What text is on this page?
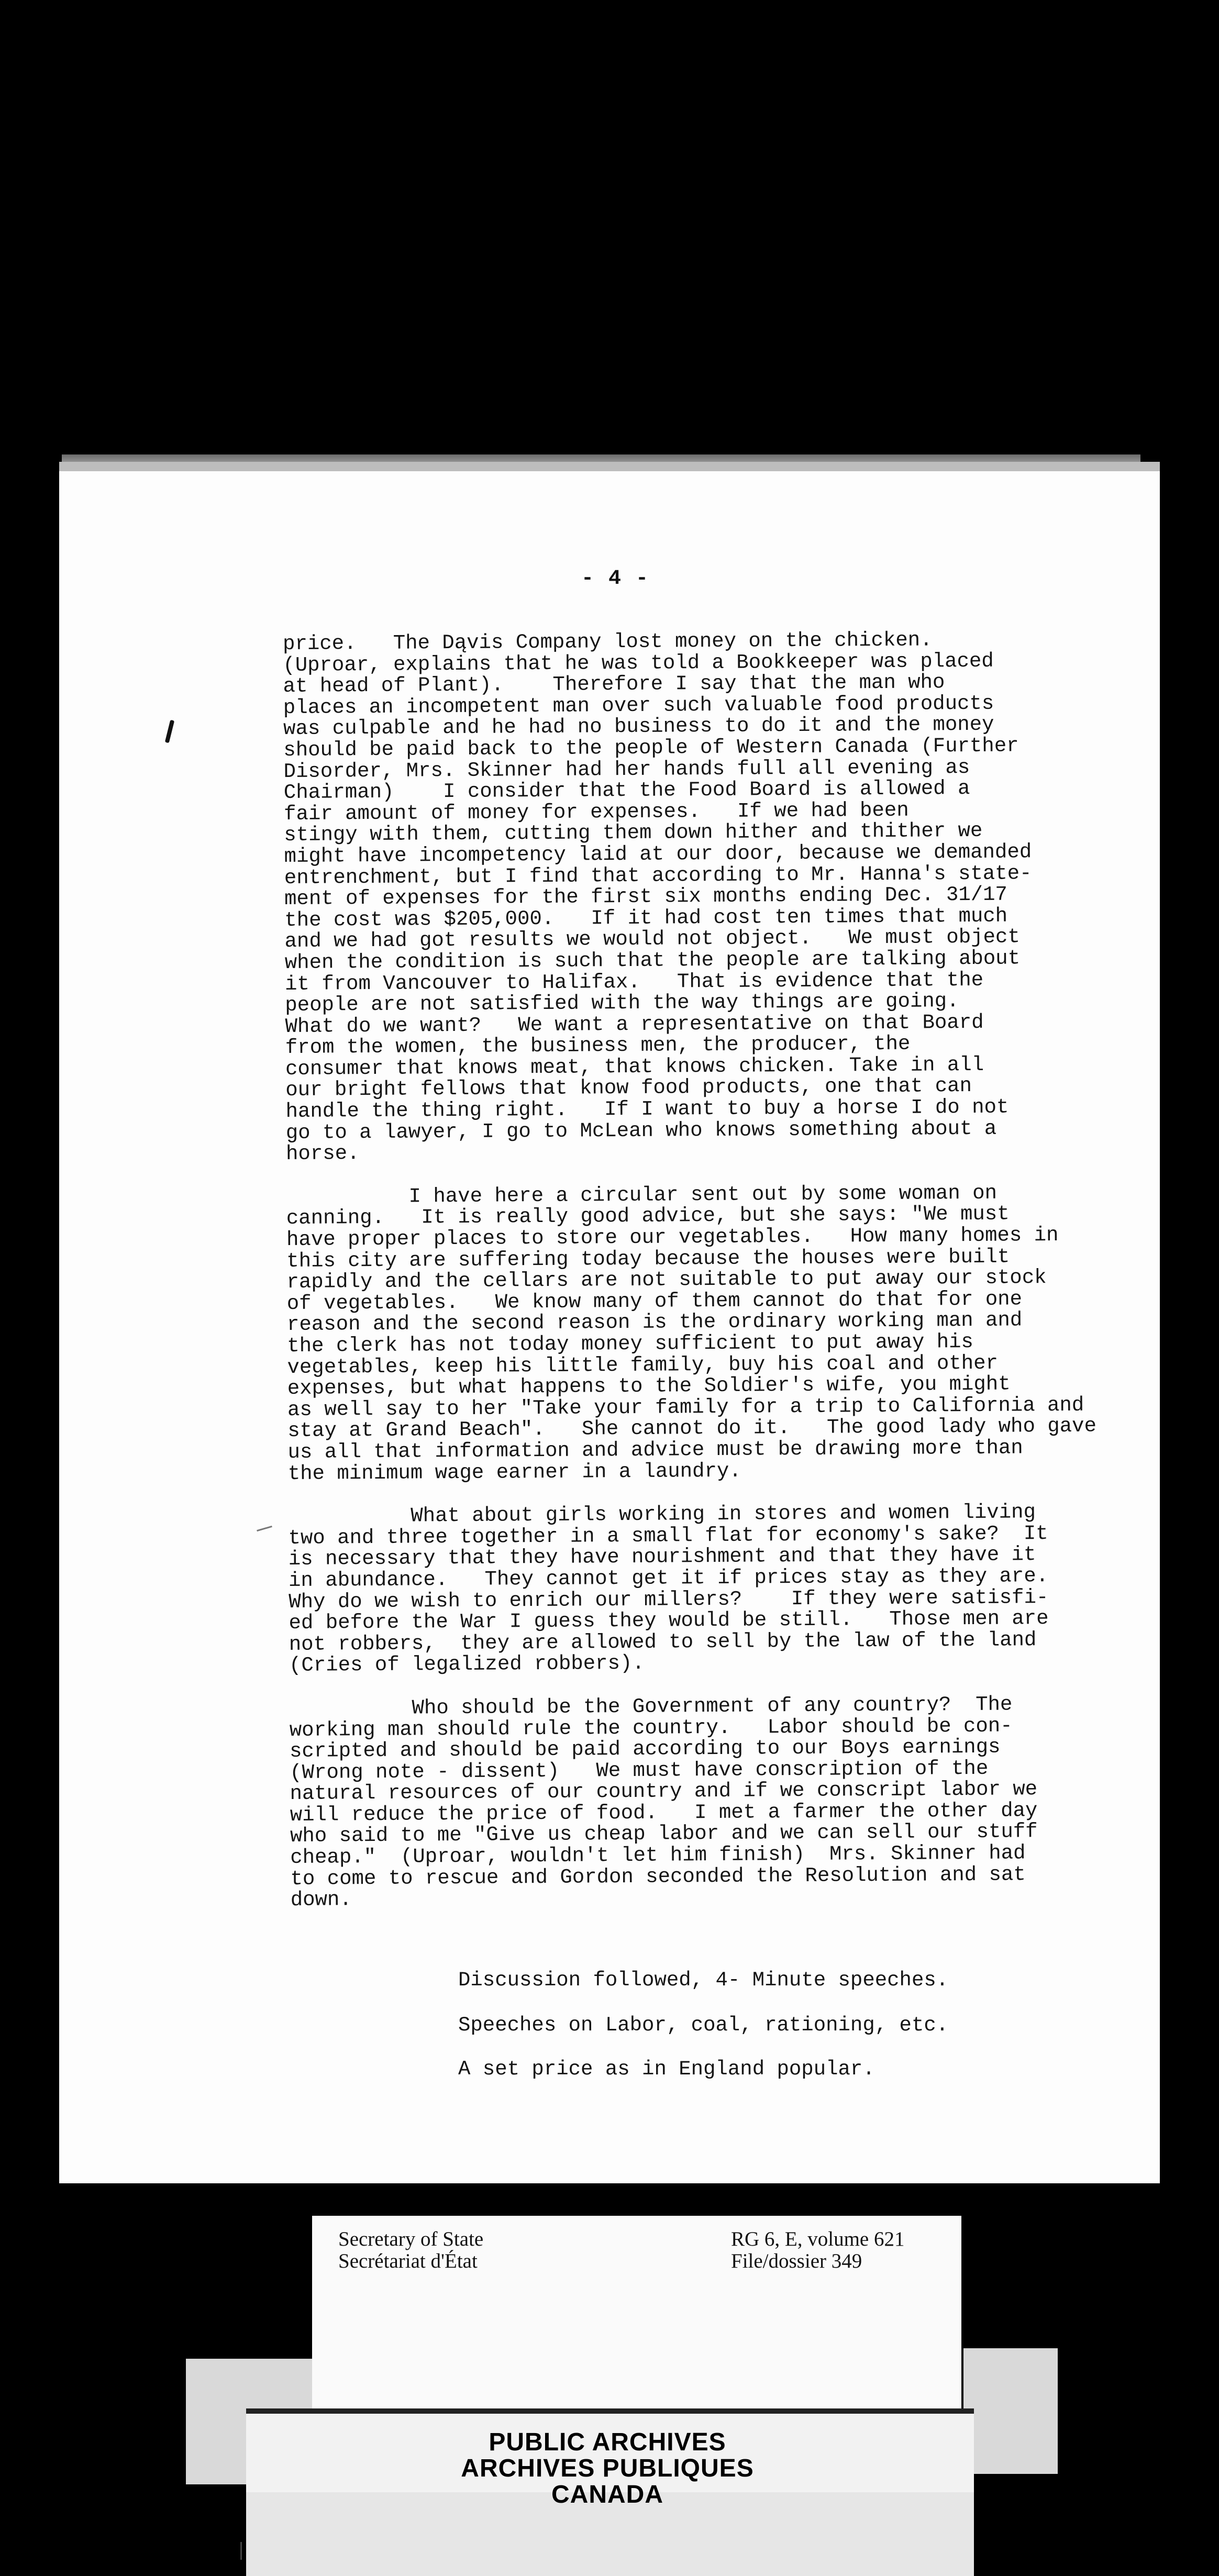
- 4 -

price.   The Dąvis Company lost money on the chicken.
(Uproar, explains that he was told a Bookkeeper was placed
at head of Plant).    Therefore I say that the man who
places an incompetent man over such valuable food products
was culpable and he had no business to do it and the money
should be paid back to the people of Western Canada (Further
Disorder, Mrs. Skinner had her hands full all evening as
Chairman)    I consider that the Food Board is allowed a
fair amount of money for expenses.   If we had been
stingy with them, cutting them down hither and thither we
might have incompetency laid at our door, because we demanded
entrenchment, but I find that according to Mr. Hanna's state-
ment of expenses for the first six months ending Dec. 31/17
the cost was $205,000.   If it had cost ten times that much
and we had got results we would not object.   We must object
when the condition is such that the people are talking about
it from Vancouver to Halifax.   That is evidence that the
people are not satisfied with the way things are going.
What do we want?   We want a representative on that Board
from the women, the business men, the producer, the
consumer that knows meat, that knows chicken. Take in all
our bright fellows that know food products, one that can
handle the thing right.   If I want to buy a horse I do not
go to a lawyer, I go to McLean who knows something about a
horse.
I have here a circular sent out by some woman on
canning.   It is really good advice, but she says: "We must
have proper places to store our vegetables.   How many homes in
this city are suffering today because the houses were built
rapidly and the cellars are not suitable to put away our stock
of vegetables.   We know many of them cannot do that for one
reason and the second reason is the ordinary working man and
the clerk has not today money sufficient to put away his
vegetables, keep his little family, buy his coal and other
expenses, but what happens to the Soldier's wife, you might
as well say to her "Take your family for a trip to California and
stay at Grand Beach".   She cannot do it.   The good lady who gave
us all that information and advice must be drawing more than
the minimum wage earner in a laundry.
What about girls working in stores and women living
two and three together in a small flat for economy's sake?  It
is necessary that they have nourishment and that they have it
in abundance.   They cannot get it if prices stay as they are.
Why do we wish to enrich our millers?    If they were satisfi-
ed before the War I guess they would be still.   Those men are
not robbers,  they are allowed to sell by the law of the land
(Cries of legalized robbers).
Who should be the Government of any country?  The
working man should rule the country.   Labor should be con-
scripted and should be paid according to our Boys earnings
(Wrong note - dissent)   We must have conscription of the
natural resources of our country and if we conscript labor we
will reduce the price of food.   I met a farmer the other day
who said to me "Give us cheap labor and we can sell our stuff
cheap."  (Uproar, wouldn't let him finish)  Mrs. Skinner had
to come to rescue and Gordon seconded the Resolution and sat
down.

Discussion followed, 4- Minute speeches.

Speeches on Labor, coal, rationing, etc.

A set price as in England popular.

Secretary of State
Secrétariat d'État
RG 6, E, volume 621
File/dossier 349
PUBLIC ARCHIVES
ARCHIVES PUBLIQUES
CANADA
